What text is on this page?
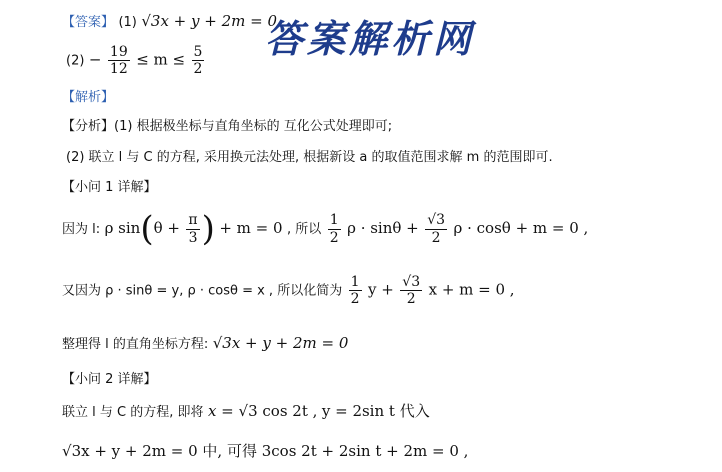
答案解析网
【答案】 (1) √3x + y + 2m = 0
$(2) - \frac{19}{12} \le m \le \frac{5}{2}$
【解析】
【分析】(1) 根据极坐标与直角坐标的 互化公式处理即可;
(2) 联立 l 与 C 的方程, 采用换元法处理, 根据新设 a 的取值范围求解 m 的范围即可.
【小问 1 详解】
因为 l: ρ $\sin(\theta + \frac{\pi}{3}$ ) + m = 0 , 所以 $\frac{1}{2}$ $\rho \cdot \sin\theta + \frac{√3}{2}$ ρ · cosθ + m = 0 ,
又因为 ρ · sinθ = y, ρ · cosθ = x , 所以化简为 $\frac{1}{2}$ $y + \frac{√3}{2}$ x + m = 0 ,
整理得 l 的直角坐标方程: √3x + y + 2m = 0
【小问 2 详解】
联立 l 与 C 的方程, 即将 x = √3 cos 2t , y = 2sin t 代入
√3x + y + 2m = 0 中, 可得 3cos 2t + 2sin t + 2m = 0 ,
